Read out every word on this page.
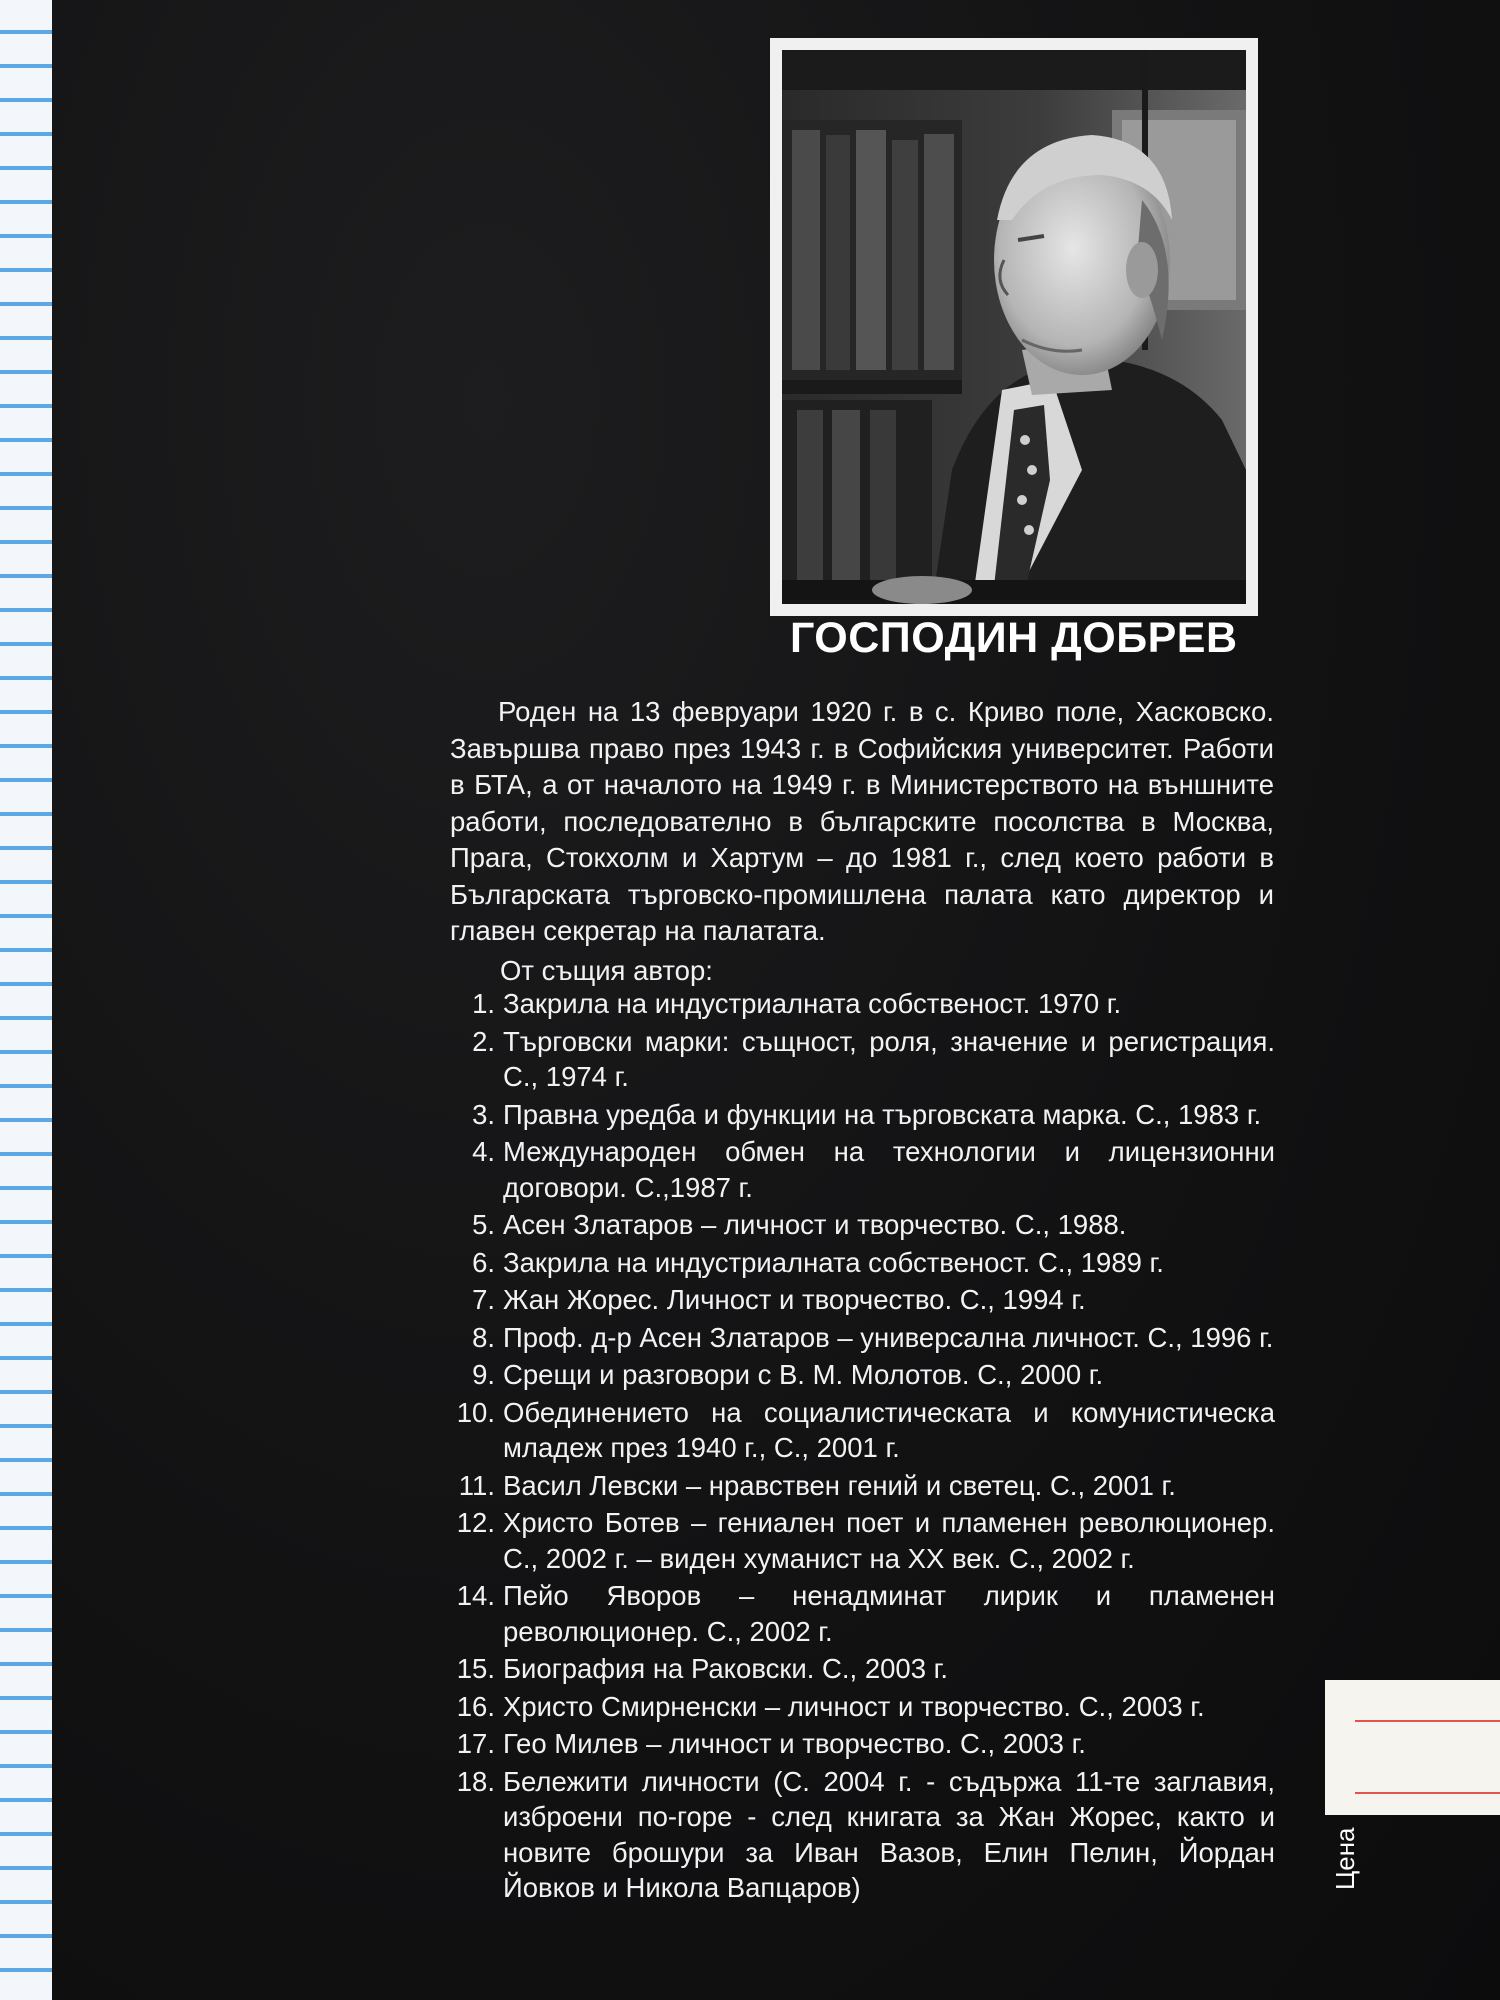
ГОСПОДИН ДОБРЕВ

Роден на 13 февруари 1920 г. в с. Криво поле, Хасковско. Завършва право през 1943 г. в Софийския университет. Работи в БТА, а от началото на 1949 г. в Министерството на външните работи, последователно в българските посолства в Москва, Прага, Стокхолм и Хартум – до 1981 г., след което работи в Българската търговско-промишлена палата като директор и главен секретар на палатата.

От същия автор:
1. Закрила на индустриалната собственост. 1970 г.
2. Търговски марки: същност, роля, значение и регистрация. С., 1974 г.
3. Правна уредба и функции на търговската марка. С., 1983 г.
4. Международен обмен на технологии и лицензионни договори. С.,1987 г.
5. Асен Златаров – личност и творчество. С., 1988.
6. Закрила на индустриалната собственост. С., 1989 г.
7. Жан Жорес. Личност и творчество. С., 1994 г.
8. Проф. д-р Асен Златаров – универсална личност. С., 1996 г.
9. Срещи и разговори с В. М. Молотов. С., 2000 г.
10. Обединението на социалистическата и комунистическа младеж през 1940 г., С., 2001 г.
11. Васил Левски – нравствен гений и светец. С., 2001 г.
12. Христо Ботев – гениален поет и пламенен революционер. С., 2002 г. – виден хуманист на XX век. С., 2002 г.
14. Пейо Яворов – ненадминат лирик и пламенен революционер. С., 2002 г.
15. Биография на Раковски. С., 2003 г.
16. Христо Смирненски – личност и творчество. С., 2003 г.
17. Гео Милев – личност и творчество. С., 2003 г.
18. Бележити личности (С. 2004 г. - съдържа 11-те заглавия, изброени по-горе - след книгата за Жан Жорес, както и новите брошури за Иван Вазов, Елин Пелин, Йордан Йовков и Никола Вапцаров)	Цена
